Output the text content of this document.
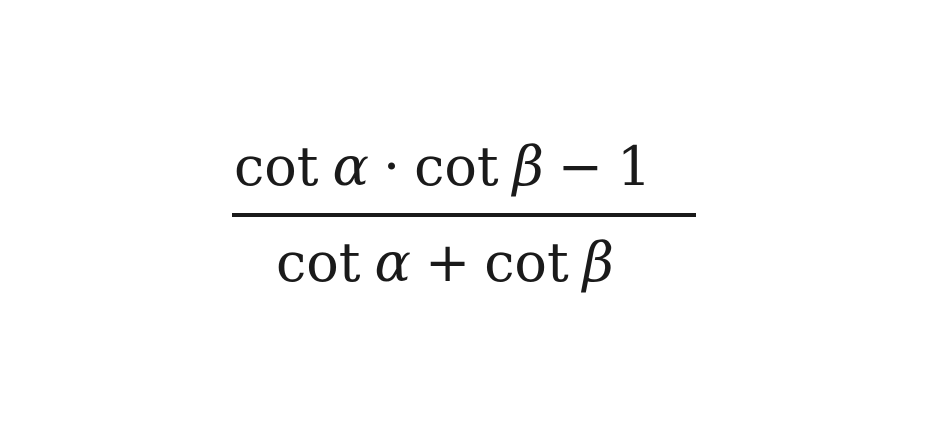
cot α · cot β − 1
cot α + cot β
